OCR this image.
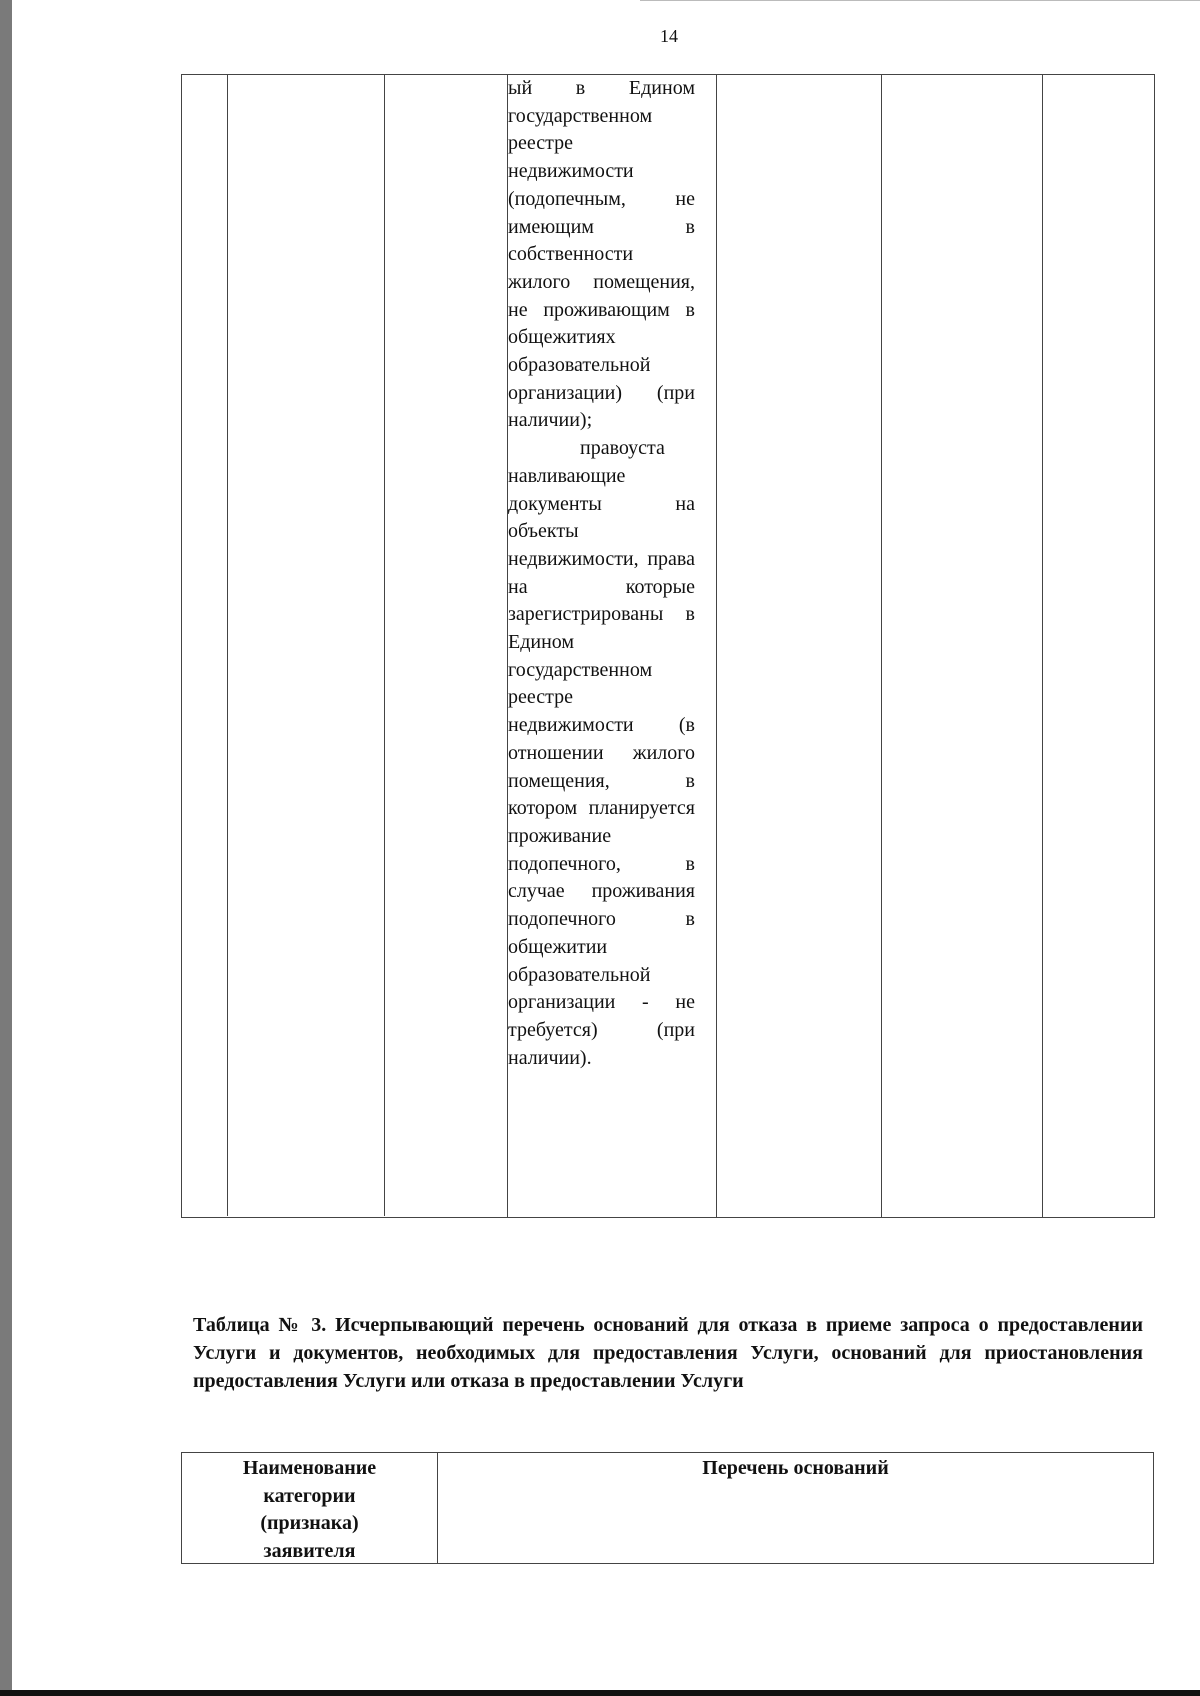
14

ый в Едином государственном реестре недвижимости (подопечным, не имеющим в собственности жилого помещения, не проживающим в общежитиях образовательной организации) (при наличии);

правоуста навливающие документы на объекты недвижимости, права на которые зарегистрированы в Едином государственном реестре недвижимости (в отношении жилого помещения, в котором планируется проживание подопечного, в случае проживания подопечного в общежитии образовательной организации - не требуется) (при наличии).

Таблица № 3. Исчерпывающий перечень оснований для отказа в приеме запроса о предоставлении Услуги и документов, необходимых для предоставления Услуги, оснований для приостановления предоставления Услуги или отказа в предоставлении Услуги
Наименование
категории
(признака)
заявителя
Перечень оснований
